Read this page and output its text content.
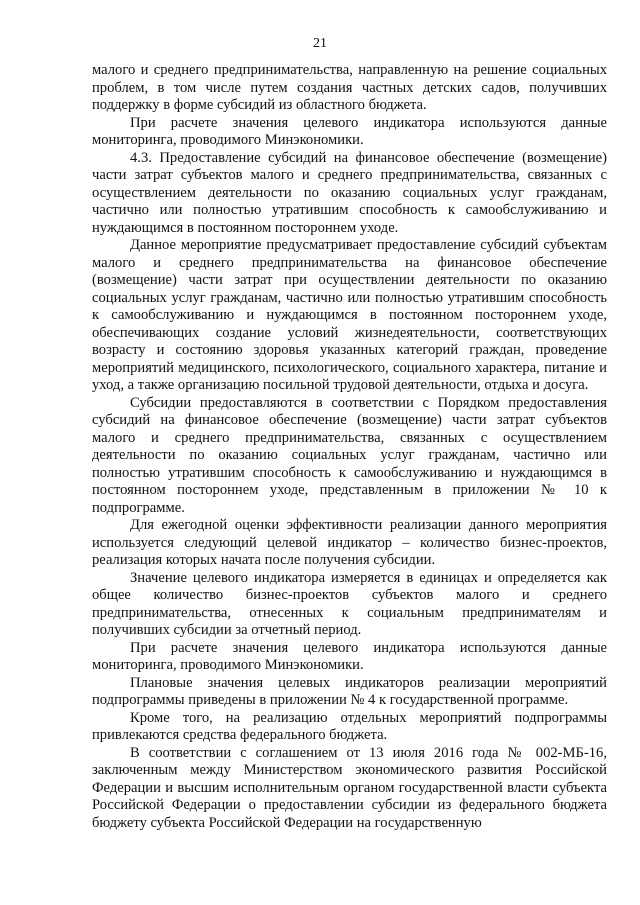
21

малого и среднего предпринимательства, направленную на решение социальных проблем, в том числе путем создания частных детских садов, получивших поддержку в форме субсидий из областного бюджета.

При расчете значения целевого индикатора используются данные мониторинга, проводимого Минэкономики.

4.3. Предоставление субсидий на финансовое обеспечение (возмещение) части затрат субъектов малого и среднего предпринимательства, связанных с осуществлением деятельности по оказанию социальных услуг гражданам, частично или полностью утратившим способность к самообслуживанию и нуждающимся в постоянном постороннем уходе.

Данное мероприятие предусматривает предоставление субсидий субъектам малого и среднего предпринимательства на финансовое обеспечение (возмещение) части затрат при осуществлении деятельности по оказанию социальных услуг гражданам, частично или полностью утратившим способность к самообслуживанию и нуждающимся в постоянном постороннем уходе, обеспечивающих создание условий жизнедеятельности, соответствующих возрасту и состоянию здоровья указанных категорий граждан, проведение мероприятий медицинского, психологического, социального характера, питание и уход, а также организацию посильной трудовой деятельности, отдыха и досуга.

Субсидии предоставляются в соответствии с Порядком предоставления субсидий на финансовое обеспечение (возмещение) части затрат субъектов малого и среднего предпринимательства, связанных с осуществлением деятельности по оказанию социальных услуг гражданам, частично или полностью утратившим способность к самообслуживанию и нуждающимся в постоянном постороннем уходе, представленным в приложении № 10 к подпрограмме.

Для ежегодной оценки эффективности реализации данного мероприятия используется следующий целевой индикатор – количество бизнес-проектов, реализация которых начата после получения субсидии.

Значение целевого индикатора измеряется в единицах и определяется как общее количество бизнес-проектов субъектов малого и среднего предпринимательства, отнесенных к социальным предпринимателям и получивших субсидии за отчетный период.

При расчете значения целевого индикатора используются данные мониторинга, проводимого Минэкономики.

Плановые значения целевых индикаторов реализации мероприятий подпрограммы приведены в приложении № 4 к государственной программе.

Кроме того, на реализацию отдельных мероприятий подпрограммы привлекаются средства федерального бюджета.

В соответствии с соглашением от 13 июля 2016 года № 002-МБ-16, заключенным между Министерством экономического развития Российской Федерации и высшим исполнительным органом государственной власти субъекта Российской Федерации о предоставлении субсидии из федерального бюджета бюджету субъекта Российской Федерации на государственную
